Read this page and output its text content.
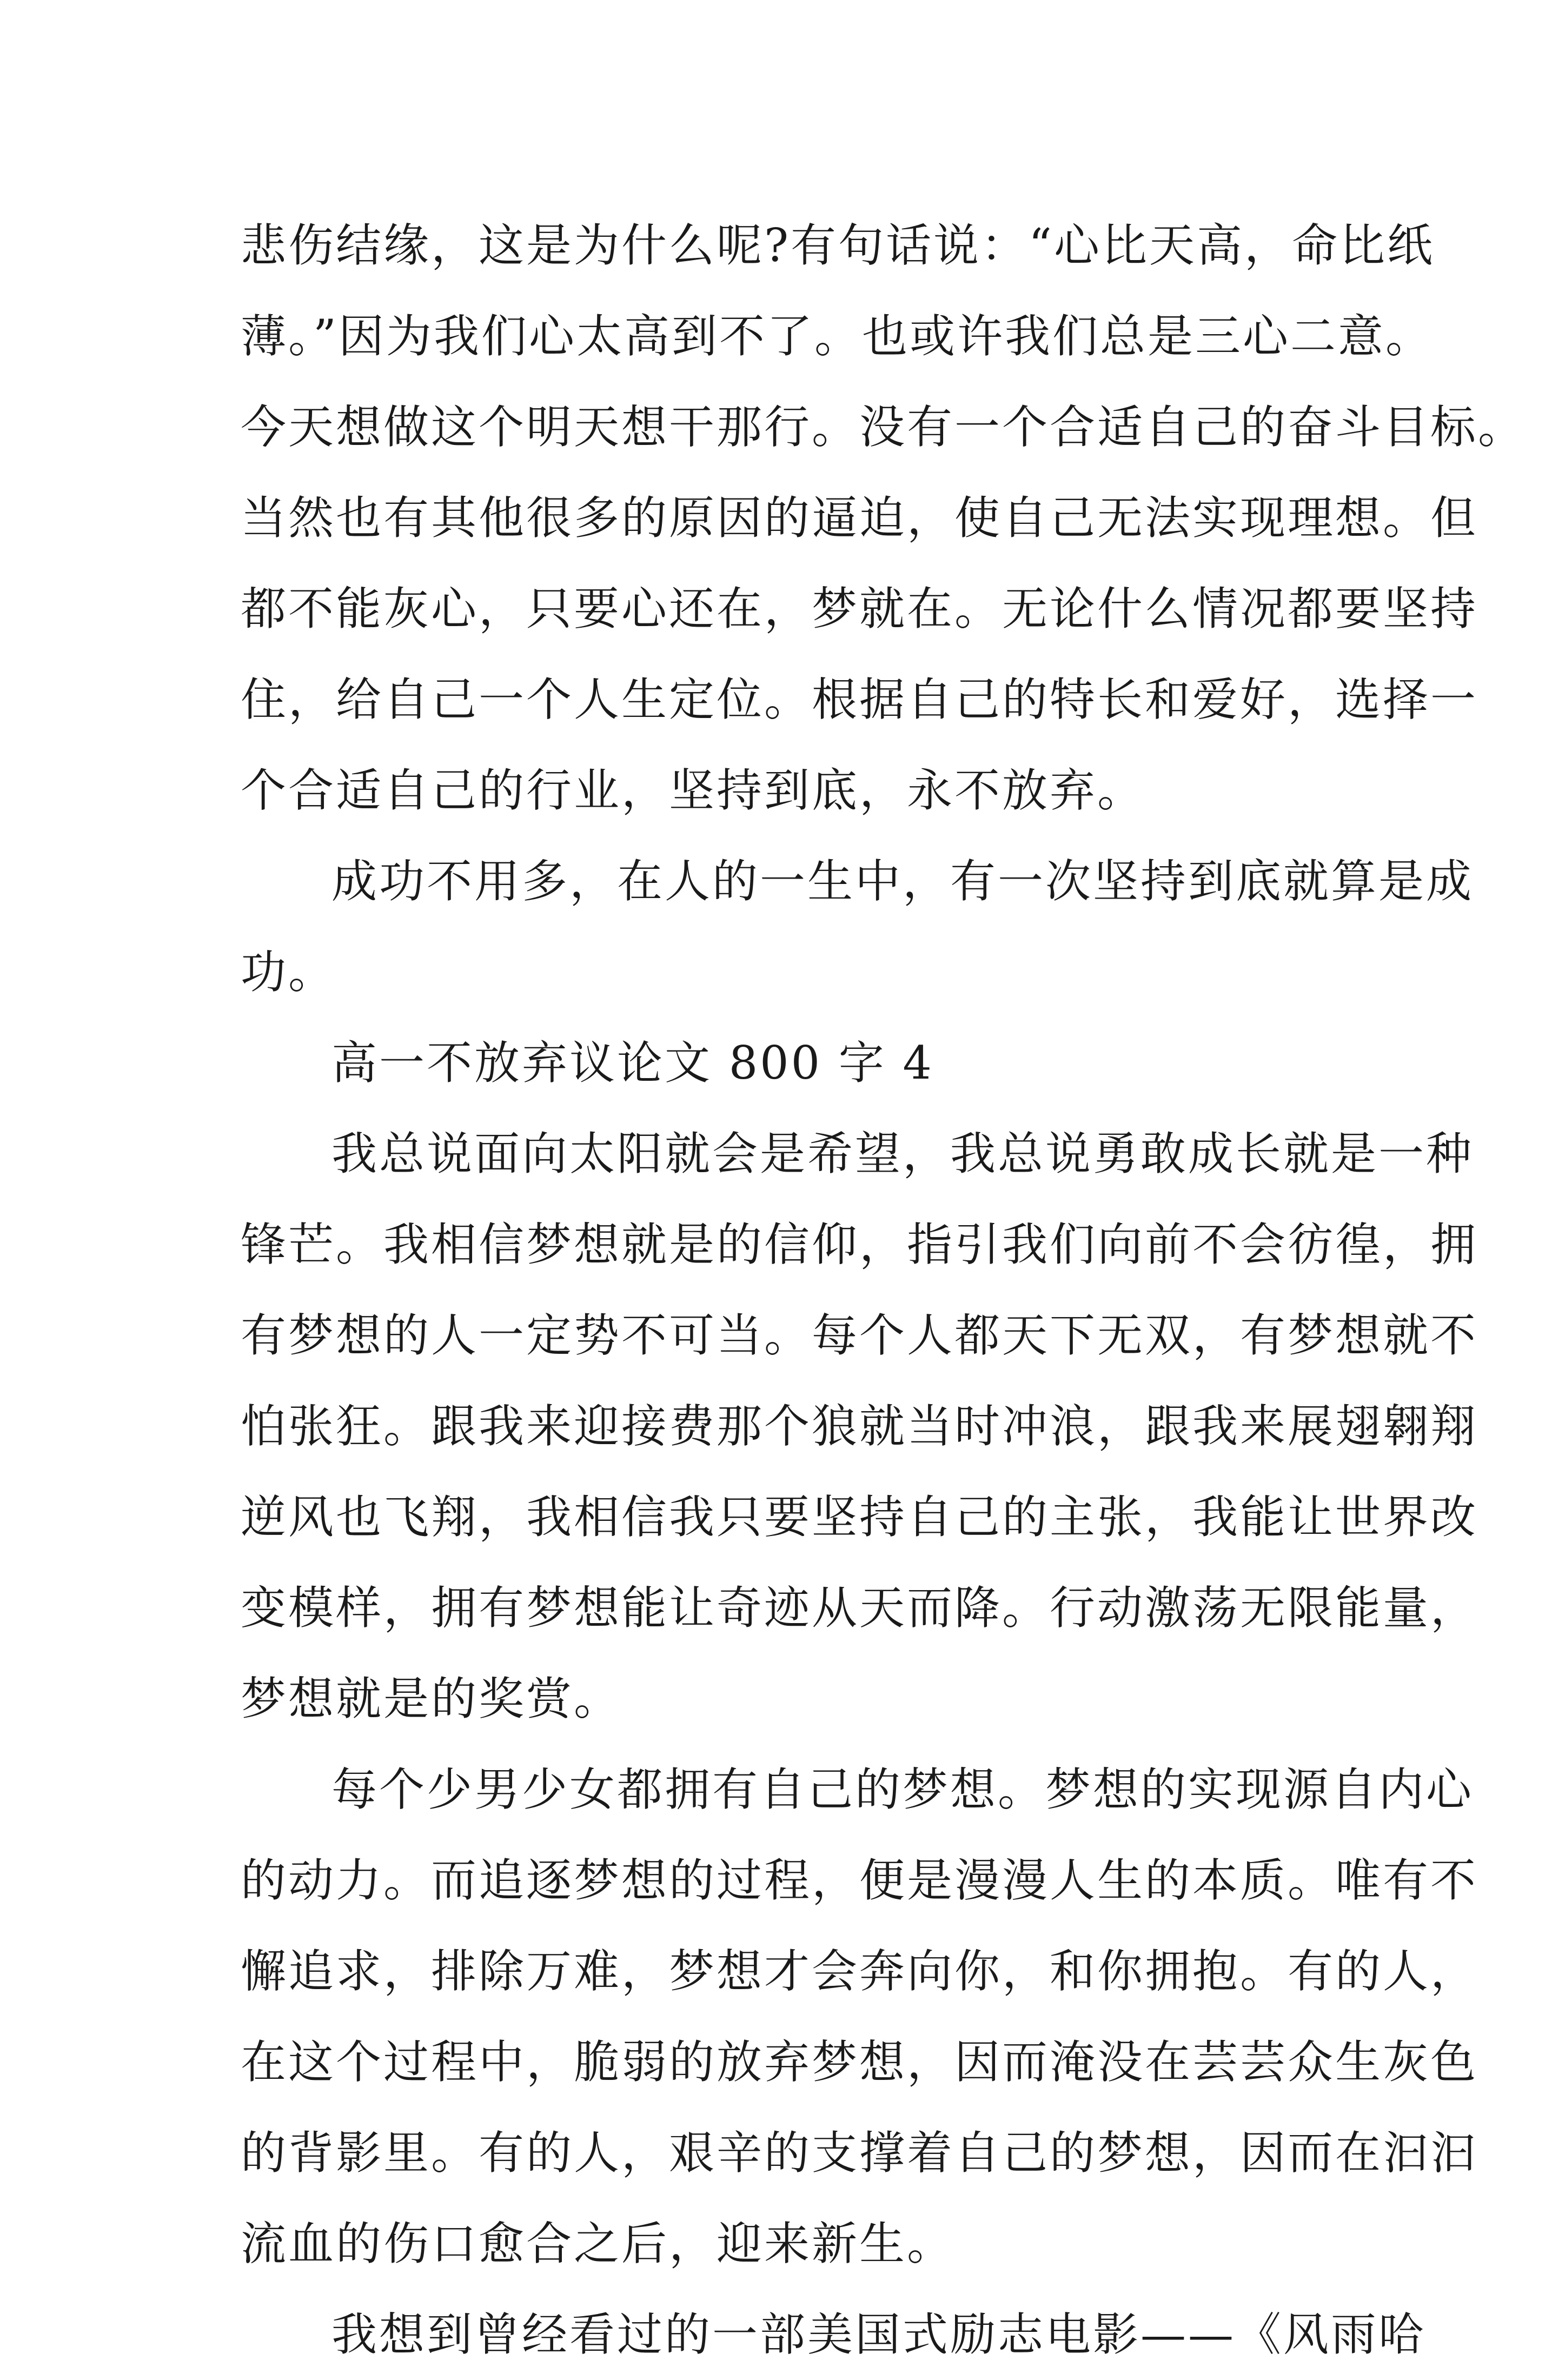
悲伤结缘，这是为什么呢?有句话说：“心比天高，命比纸
薄。”因为我们心太高到不了。也或许我们总是三心二意。
今天想做这个明天想干那行。没有一个合适自己的奋斗目标。
当然也有其他很多的原因的逼迫，使自己无法实现理想。但
都不能灰心，只要心还在，梦就在。无论什么情况都要坚持
住，给自己一个人生定位。根据自己的特长和爱好，选择一
个合适自己的行业，坚持到底，永不放弃。
成功不用多，在人的一生中，有一次坚持到底就算是成
功。
高一不放弃议论文 800 字 4
我总说面向太阳就会是希望，我总说勇敢成长就是一种
锋芒。我相信梦想就是的信仰，指引我们向前不会彷徨，拥
有梦想的人一定势不可当。每个人都天下无双，有梦想就不
怕张狂。跟我来迎接费那个狼就当时冲浪，跟我来展翅翱翔
逆风也飞翔，我相信我只要坚持自己的主张，我能让世界改
变模样，拥有梦想能让奇迹从天而降。行动激荡无限能量，
梦想就是的奖赏。
每个少男少女都拥有自己的梦想。梦想的实现源自内心
的动力。而追逐梦想的过程，便是漫漫人生的本质。唯有不
懈追求，排除万难，梦想才会奔向你，和你拥抱。有的人，
在这个过程中，脆弱的放弃梦想，因而淹没在芸芸众生灰色
的背影里。有的人，艰辛的支撑着自己的梦想，因而在汩汩
流血的伤口愈合之后，迎来新生。
我想到曾经看过的一部美国式励志电影——《风雨哈
